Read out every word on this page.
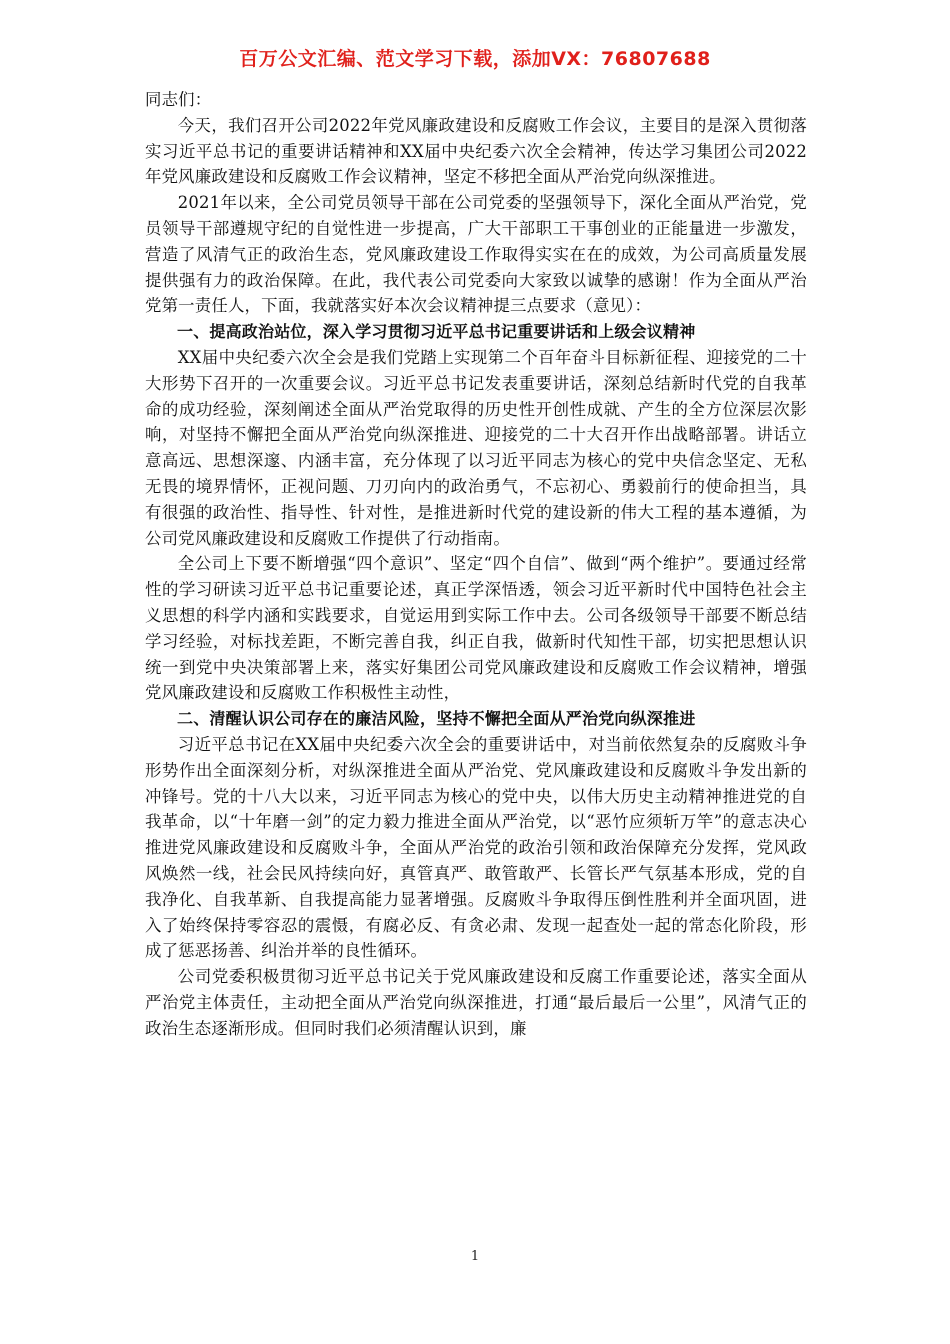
百万公文汇编、范文学习下载，添加VX：76807688

同志们：

今天，我们召开公司2022年党风廉政建设和反腐败工作会议，主要目的是深入贯彻落实习近平总书记的重要讲话精神和XX届中央纪委六次全会精神，传达学习集团公司2022年党风廉政建设和反腐败工作会议精神，坚定不移把全面从严治党向纵深推进。

2021年以来，全公司党员领导干部在公司党委的坚强领导下，深化全面从严治党，党员领导干部遵规守纪的自觉性进一步提高，广大干部职工干事创业的正能量进一步激发，营造了风清气正的政治生态，党风廉政建设工作取得实实在在的成效，为公司高质量发展提供强有力的政治保障。在此，我代表公司党委向大家致以诚挚的感谢！作为全面从严治党第一责任人，下面，我就落实好本次会议精神提三点要求（意见）：

一、提高政治站位，深入学习贯彻习近平总书记重要讲话和上级会议精神

XX届中央纪委六次全会是我们党踏上实现第二个百年奋斗目标新征程、迎接党的二十大形势下召开的一次重要会议。习近平总书记发表重要讲话，深刻总结新时代党的自我革命的成功经验，深刻阐述全面从严治党取得的历史性开创性成就、产生的全方位深层次影响，对坚持不懈把全面从严治党向纵深推进、迎接党的二十大召开作出战略部署。讲话立意高远、思想深邃、内涵丰富，充分体现了以习近平同志为核心的党中央信念坚定、无私无畏的境界情怀，正视问题、刀刃向内的政治勇气，不忘初心、勇毅前行的使命担当，具有很强的政治性、指导性、针对性，是推进新时代党的建设新的伟大工程的基本遵循，为公司党风廉政建设和反腐败工作提供了行动指南。

全公司上下要不断增强“四个意识”、坚定“四个自信”、做到“两个维护”。要通过经常性的学习研读习近平总书记重要论述，真正学深悟透，领会习近平新时代中国特色社会主义思想的科学内涵和实践要求，自觉运用到实际工作中去。公司各级领导干部要不断总结学习经验，对标找差距，不断完善自我，纠正自我，做新时代知性干部，切实把思想认识统一到党中央决策部署上来，落实好集团公司党风廉政建设和反腐败工作会议精神，增强党风廉政建设和反腐败工作积极性主动性，

二、清醒认识公司存在的廉洁风险，坚持不懈把全面从严治党向纵深推进

习近平总书记在XX届中央纪委六次全会的重要讲话中，对当前依然复杂的反腐败斗争形势作出全面深刻分析，对纵深推进全面从严治党、党风廉政建设和反腐败斗争发出新的冲锋号。党的十八大以来，习近平同志为核心的党中央，以伟大历史主动精神推进党的自我革命，以“十年磨一剑”的定力毅力推进全面从严治党，以“恶竹应须斩万竿”的意志决心推进党风廉政建设和反腐败斗争，全面从严治党的政治引领和政治保障充分发挥，党风政风焕然一线，社会民风持续向好，真管真严、敢管敢严、长管长严气氛基本形成，党的自我净化、自我革新、自我提高能力显著增强。反腐败斗争取得压倒性胜利并全面巩固，进入了始终保持零容忍的震慑，有腐必反、有贪必肃、发现一起查处一起的常态化阶段，形成了惩恶扬善、纠治并举的良性循环。

公司党委积极贯彻习近平总书记关于党风廉政建设和反腐工作重要论述，落实全面从严治党主体责任，主动把全面从严治党向纵深推进，打通“最后最后一公里”，风清气正的政治生态逐渐形成。但同时我们必须清醒认识到，廉

1
